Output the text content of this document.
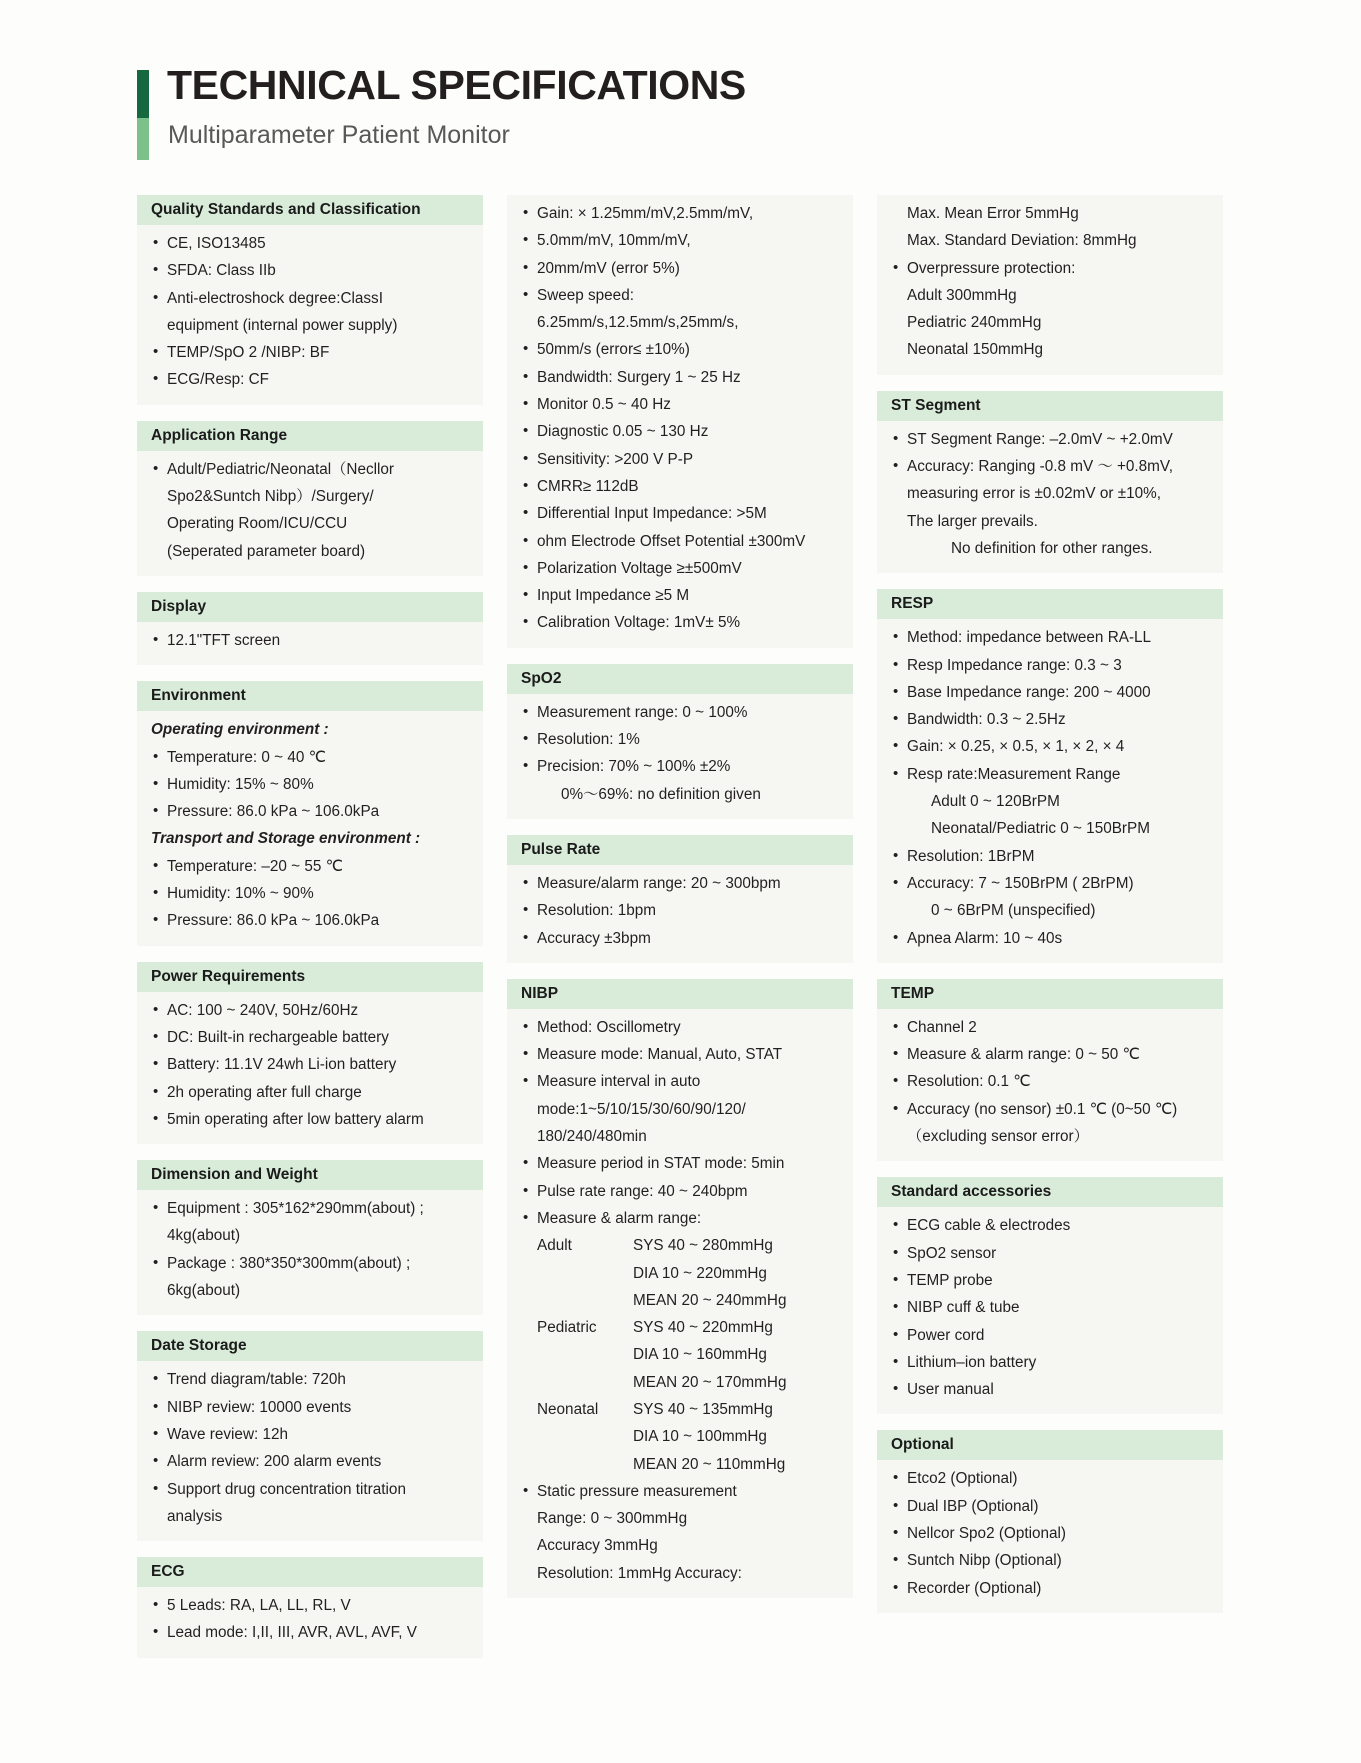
TECHNICAL SPECIFICATIONS
Multiparameter Patient Monitor
Quality Standards and Classification
• CE, ISO13485
• SFDA: Class IIb
• Anti-electroshock degree:ClassI
equipment (internal power supply)
• TEMP/SpO 2 /NIBP: BF
• ECG/Resp: CF
Application Range
• Adult/Pediatric/Neonatal（Necllor
Spo2&Suntch Nibp）/Surgery/
Operating Room/ICU/CCU
(Seperated parameter board)
Display
• 12.1"TFT screen
Environment
Operating environment :
• Temperature: 0 ~ 40 ℃
• Humidity: 15% ~ 80%
• Pressure: 86.0 kPa ~ 106.0kPa
Transport and Storage environment :
• Temperature: –20 ~ 55 ℃
• Humidity: 10% ~ 90%
• Pressure: 86.0 kPa ~ 106.0kPa
Power Requirements
• AC: 100 ~ 240V, 50Hz/60Hz
• DC: Built-in rechargeable battery
• Battery: 11.1V 24wh Li-ion battery
• 2h operating after full charge
• 5min operating after low battery alarm
Dimension and Weight
• Equipment : 305*162*290mm(about) ;
4kg(about)
• Package : 380*350*300mm(about) ;
6kg(about)
Date Storage
• Trend diagram/table: 720h
• NIBP review: 10000 events
• Wave review: 12h
• Alarm review: 200 alarm events
• Support drug concentration titration
analysis
ECG
• 5 Leads: RA, LA, LL, RL, V
• Lead mode: I,II, III, AVR, AVL, AVF, V
• Gain: × 1.25mm/mV,2.5mm/mV,
• 5.0mm/mV, 10mm/mV,
• 20mm/mV (error 5%)
• Sweep speed:
6.25mm/s,12.5mm/s,25mm/s,
• 50mm/s (error≤ ±10%)
• Bandwidth: Surgery 1 ~ 25 Hz
• Monitor 0.5 ~ 40 Hz
• Diagnostic 0.05 ~ 130 Hz
• Sensitivity: >200 V P-P
• CMRR≥ 112dB
• Differential Input Impedance: >5M
• ohm Electrode Offset Potential ±300mV
• Polarization Voltage ≥±500mV
• Input Impedance ≥5 M
• Calibration Voltage: 1mV± 5%
SpO2
• Measurement range: 0 ~ 100%
• Resolution: 1%
• Precision: 70% ~ 100% ±2%
0%～69%: no definition given
Pulse Rate
• Measure/alarm range: 20 ~ 300bpm
• Resolution: 1bpm
• Accuracy ±3bpm
NIBP
• Method: Oscillometry
• Measure mode: Manual, Auto, STAT
• Measure interval in auto
mode:1~5/10/15/30/60/90/120/
180/240/480min
• Measure period in STAT mode: 5min
• Pulse rate range: 40 ~ 240bpm
• Measure & alarm range:
Adult	SYS 40 ~ 280mmHg
DIA 10 ~ 220mmHg
MEAN 20 ~ 240mmHg
Pediatric	SYS 40 ~ 220mmHg
DIA 10 ~ 160mmHg
MEAN 20 ~ 170mmHg
Neonatal	SYS 40 ~ 135mmHg
DIA 10 ~ 100mmHg
MEAN 20 ~ 110mmHg
• Static pressure measurement
Range: 0 ~ 300mmHg
Accuracy 3mmHg
Resolution: 1mmHg Accuracy:
Max. Mean Error 5mmHg
Max. Standard Deviation: 8mmHg
• Overpressure protection:
Adult 300mmHg
Pediatric 240mmHg
Neonatal 150mmHg
ST Segment
• ST Segment Range: –2.0mV ~ +2.0mV
• Accuracy: Ranging -0.8 mV ～ +0.8mV,
measuring error is ±0.02mV or ±10%,
The larger prevails.
No definition for other ranges.
RESP
• Method: impedance between RA-LL
• Resp Impedance range: 0.3 ~ 3
• Base Impedance range: 200 ~ 4000
• Bandwidth: 0.3 ~ 2.5Hz
• Gain: × 0.25, × 0.5, × 1, × 2, × 4
• Resp rate:Measurement Range
Adult 0 ~ 120BrPM
Neonatal/Pediatric 0 ~ 150BrPM
• Resolution: 1BrPM
• Accuracy: 7 ~ 150BrPM ( 2BrPM)
0 ~ 6BrPM (unspecified)
• Apnea Alarm: 10 ~ 40s
TEMP
• Channel 2
• Measure & alarm range: 0 ~ 50 ℃
• Resolution: 0.1 ℃
• Accuracy (no sensor) ±0.1 ℃ (0~50 ℃)
（excluding sensor error）
Standard accessories
• ECG cable & electrodes
• SpO2 sensor
• TEMP probe
• NIBP cuff & tube
• Power cord
• Lithium–ion battery
• User manual
Optional
• Etco2 (Optional)
• Dual IBP (Optional)
• Nellcor Spo2 (Optional)
• Suntch Nibp (Optional)
• Recorder (Optional)
